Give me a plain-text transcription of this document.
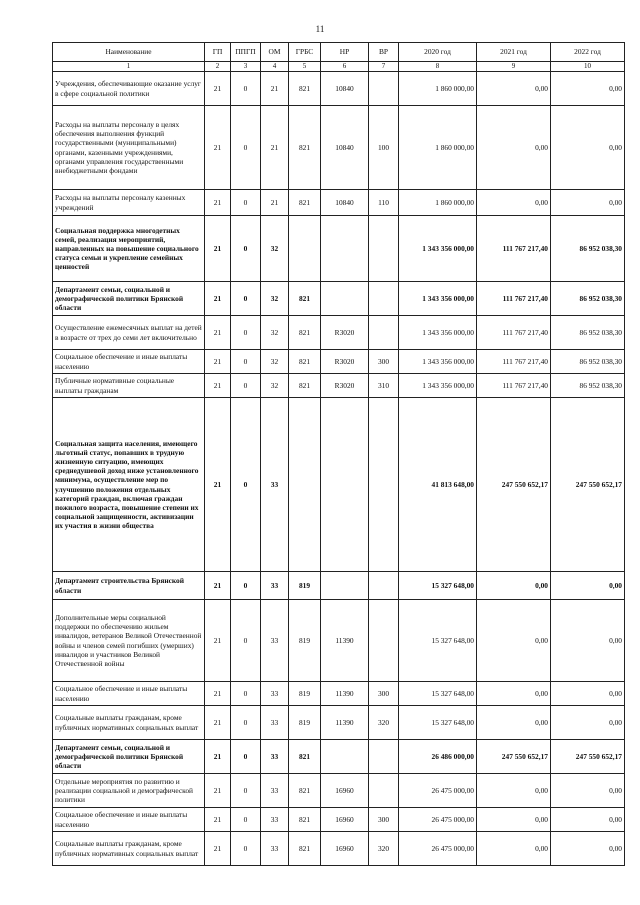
11
Наименование	ГП	ППГП	ОМ	ГРБС	НР	ВР	2020 год	2021 год	2022 год
1	2	3	4	5	6	7	8	9	10
Учреждения, обеспечивающие оказание услуг в сфере социальной политики	21	0	21	821	10840		1 860 000,00	0,00	0,00
Расходы на выплаты персоналу в целях обеспечения выполнения функций государственными (муниципальными) органами, казенными учреждениями, органами управления государственными внебюджетными фондами	21	0	21	821	10840	100	1 860 000,00	0,00	0,00
Расходы на выплаты персоналу казенных учреждений	21	0	21	821	10840	110	1 860 000,00	0,00	0,00
Социальная поддержка многодетных семей, реализация мероприятий, направленных на повышение социального статуса семьи и укрепление семейных ценностей	21	0	32				1 343 356 000,00	111 767 217,40	86 952 038,30
Департамент семьи, социальной и демографической политики Брянской области	21	0	32	821			1 343 356 000,00	111 767 217,40	86 952 038,30
Осуществление ежемесячных выплат на детей в возрасте от трех до семи лет включительно	21	0	32	821	R3020		1 343 356 000,00	111 767 217,40	86 952 038,30
Социальное обеспечение и иные выплаты населению	21	0	32	821	R3020	300	1 343 356 000,00	111 767 217,40	86 952 038,30
Публичные нормативные социальные выплаты гражданам	21	0	32	821	R3020	310	1 343 356 000,00	111 767 217,40	86 952 038,30
Социальная защита населения, имеющего льготный статус, попавших в трудную жизненную ситуацию, имеющих среднедушевой доход ниже установленного минимума, осуществление мер по улучшению положения отдельных категорий граждан, включая граждан пожилого возраста, повышение степени их социальной защищенности, активизации их участия в жизни общества	21	0	33				41 813 648,00	247 550 652,17	247 550 652,17
Департамент строительства Брянской области	21	0	33	819			15 327 648,00	0,00	0,00
Дополнительные меры социальной поддержки по обеспечению жильем инвалидов, ветеранов Великой Отечественной войны и членов семей погибших (умерших) инвалидов и участников Великой Отечественной войны	21	0	33	819	11390		15 327 648,00	0,00	0,00
Социальное обеспечение и иные выплаты населению	21	0	33	819	11390	300	15 327 648,00	0,00	0,00
Социальные выплаты гражданам, кроме публичных нормативных социальных выплат	21	0	33	819	11390	320	15 327 648,00	0,00	0,00
Департамент семьи, социальной и демографической политики Брянской области	21	0	33	821			26 486 000,00	247 550 652,17	247 550 652,17
Отдельные мероприятия по развитию и реализации социальной и демографической политики	21	0	33	821	16960		26 475 000,00	0,00	0,00
Социальное обеспечение и иные выплаты населению	21	0	33	821	16960	300	26 475 000,00	0,00	0,00
Социальные выплаты гражданам, кроме публичных нормативных социальных выплат	21	0	33	821	16960	320	26 475 000,00	0,00	0,00
